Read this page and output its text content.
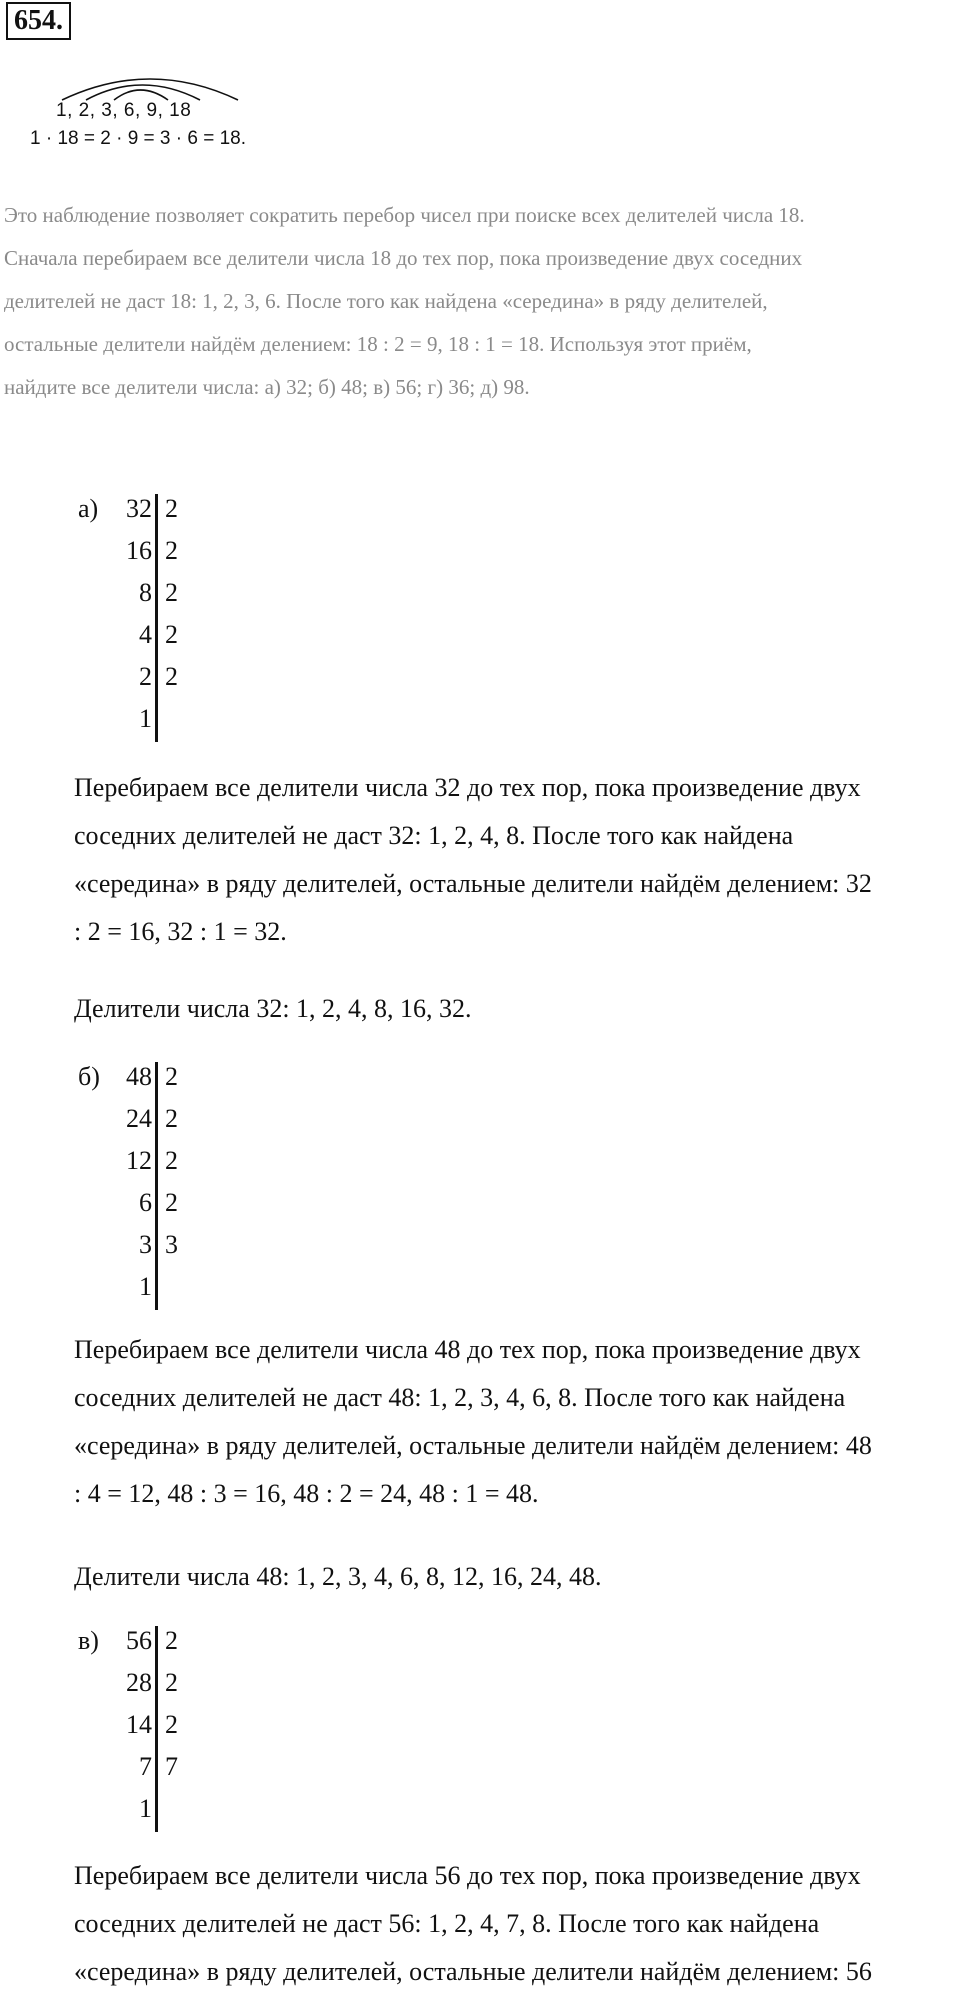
654.
1, 2, 3, 6, 9, 18
1 · 18 = 2 · 9 = 3 · 6 = 18.

Это наблюдение позволяет сократить перебор чисел при поиске всех делителей числа 18.

Сначала перебираем все делители числа 18 до тех пор, пока произведение двух соседних

делителей не даст 18: 1, 2, 3, 6. После того как найдена «середина» в ряду делителей,

остальные делители найдём делением: 18 : 2 = 9, 18 : 1 = 18. Используя этот приём,

найдите все делители числа: а) 32; б) 48; в) 56; г) 36; д) 98.

а) 32 2
16 2
8 2
4 2
2 2
1

Перебираем все делители числа 32 до тех пор, пока произведение двух

соседних делителей не даст 32: 1, 2, 4, 8. После того как найдена

«середина» в ряду делителей, остальные делители найдём делением: 32

: 2 = 16, 32 : 1 = 32.

Делители числа 32: 1, 2, 4, 8, 16, 32.
б) 48 2
24 2
12 2
6 2
3 3
1

Перебираем все делители числа 48 до тех пор, пока произведение двух

соседних делителей не даст 48: 1, 2, 3, 4, 6, 8. После того как найдена

«середина» в ряду делителей, остальные делители найдём делением: 48

: 4 = 12, 48 : 3 = 16, 48 : 2 = 24, 48 : 1 = 48.

Делители числа 48: 1, 2, 3, 4, 6, 8, 12, 16, 24, 48.
в) 56 2
28 2
14 2
7 7
1

Перебираем все делители числа 56 до тех пор, пока произведение двух

соседних делителей не даст 56: 1, 2, 4, 7, 8. После того как найдена

«середина» в ряду делителей, остальные делители найдём делением: 56
